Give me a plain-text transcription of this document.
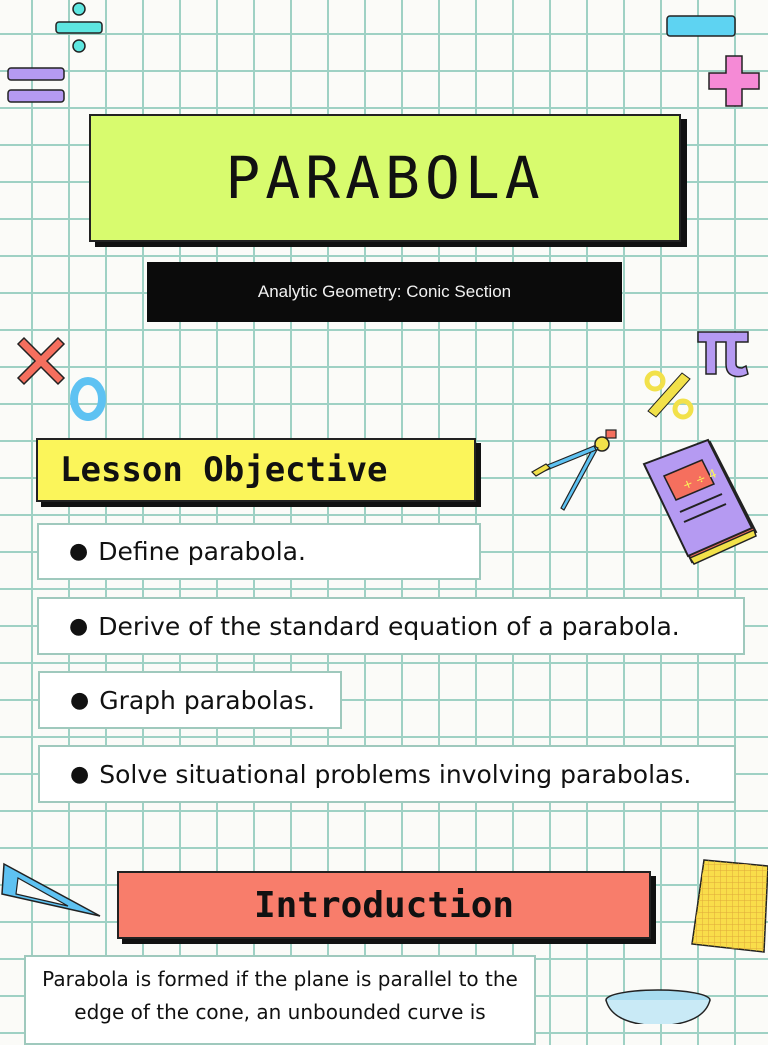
+ ÷ 4
PARABOLA
Analytic Geometry: Conic Section
Lesson Objective
● Define parabola.
● Derive of the standard equation of a parabola.
● Graph parabolas.
● Solve situational problems involving parabolas.
Introduction
Parabola is formed if the plane is parallel to the edge of the cone, an unbounded curve is
